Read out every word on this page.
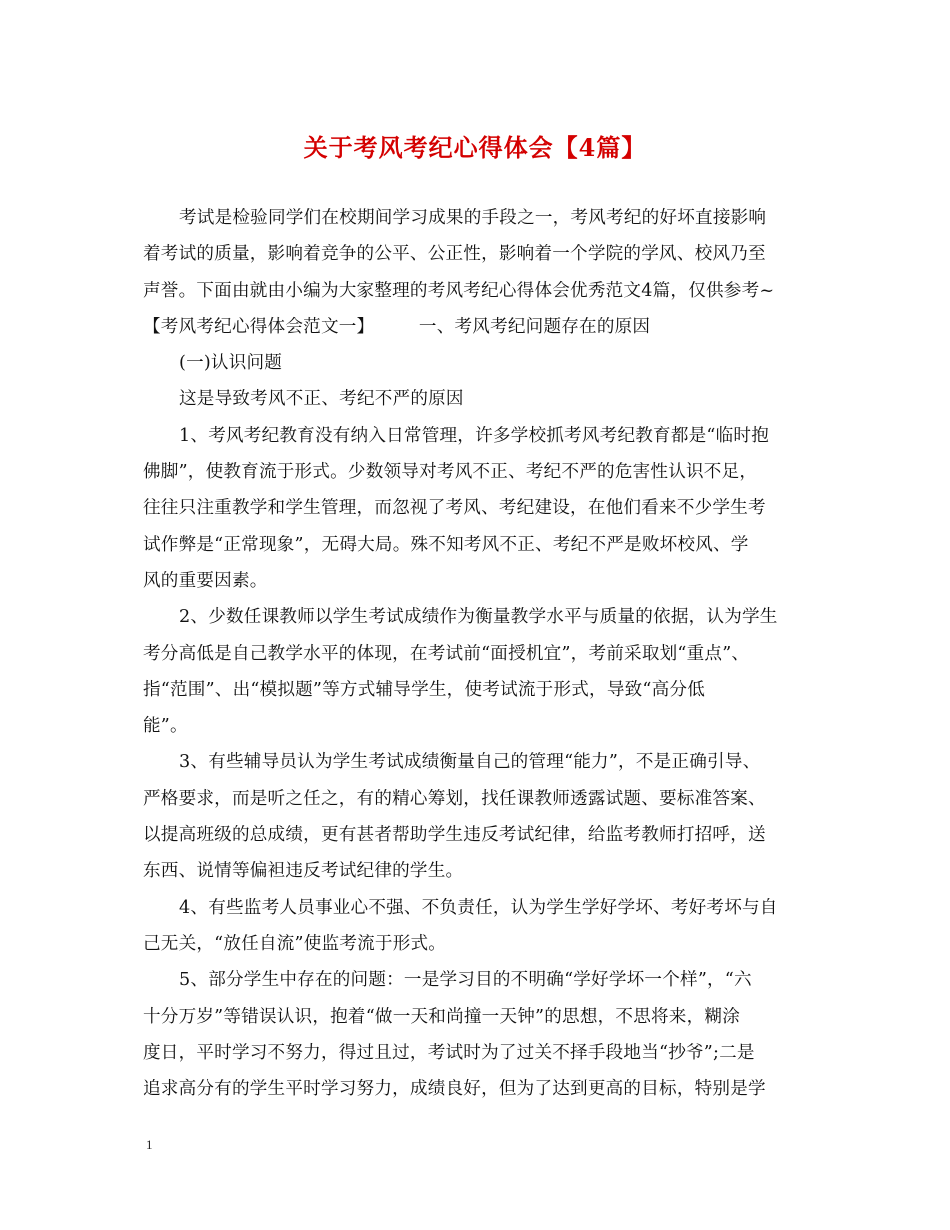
关于考风考纪心得体会【4篇】
考试是检验同学们在校期间学习成果的手段之一，考风考纪的好坏直接影响
着考试的质量，影响着竞争的公平、公正性，影响着一个学院的学风、校风乃至
声誉。下面由就由小编为大家整理的考风考纪心得体会优秀范文4篇，仅供参考~
【考风考纪心得体会范文一】　　　一、考风考纪问题存在的原因
(一)认识问题
这是导致考风不正、考纪不严的原因
1、考风考纪教育没有纳入日常管理，许多学校抓考风考纪教育都是“临时抱
佛脚”，使教育流于形式。少数领导对考风不正、考纪不严的危害性认识不足，
往往只注重教学和学生管理，而忽视了考风、考纪建设，在他们看来不少学生考
试作弊是“正常现象”，无碍大局。殊不知考风不正、考纪不严是败坏校风、学
风的重要因素。
2、少数任课教师以学生考试成绩作为衡量教学水平与质量的依据，认为学生
考分高低是自己教学水平的体现，在考试前“面授机宜”，考前采取划“重点”、
指“范围”、出“模拟题”等方式辅导学生，使考试流于形式，导致“高分低
能”。
3、有些辅导员认为学生考试成绩衡量自己的管理“能力”，不是正确引导、
严格要求，而是听之任之，有的精心筹划，找任课教师透露试题、要标准答案、
以提高班级的总成绩，更有甚者帮助学生违反考试纪律，给监考教师打招呼，送
东西、说情等偏袒违反考试纪律的学生。
4、有些监考人员事业心不强、不负责任，认为学生学好学坏、考好考坏与自
己无关，“放任自流”使监考流于形式。
5、部分学生中存在的问题：一是学习目的不明确“学好学坏一个样”，“六
十分万岁”等错误认识，抱着“做一天和尚撞一天钟”的思想，不思将来，糊涂
度日，平时学习不努力，得过且过，考试时为了过关不择手段地当“抄爷”;二是
追求高分有的学生平时学习努力，成绩良好，但为了达到更高的目标，特别是学
1
